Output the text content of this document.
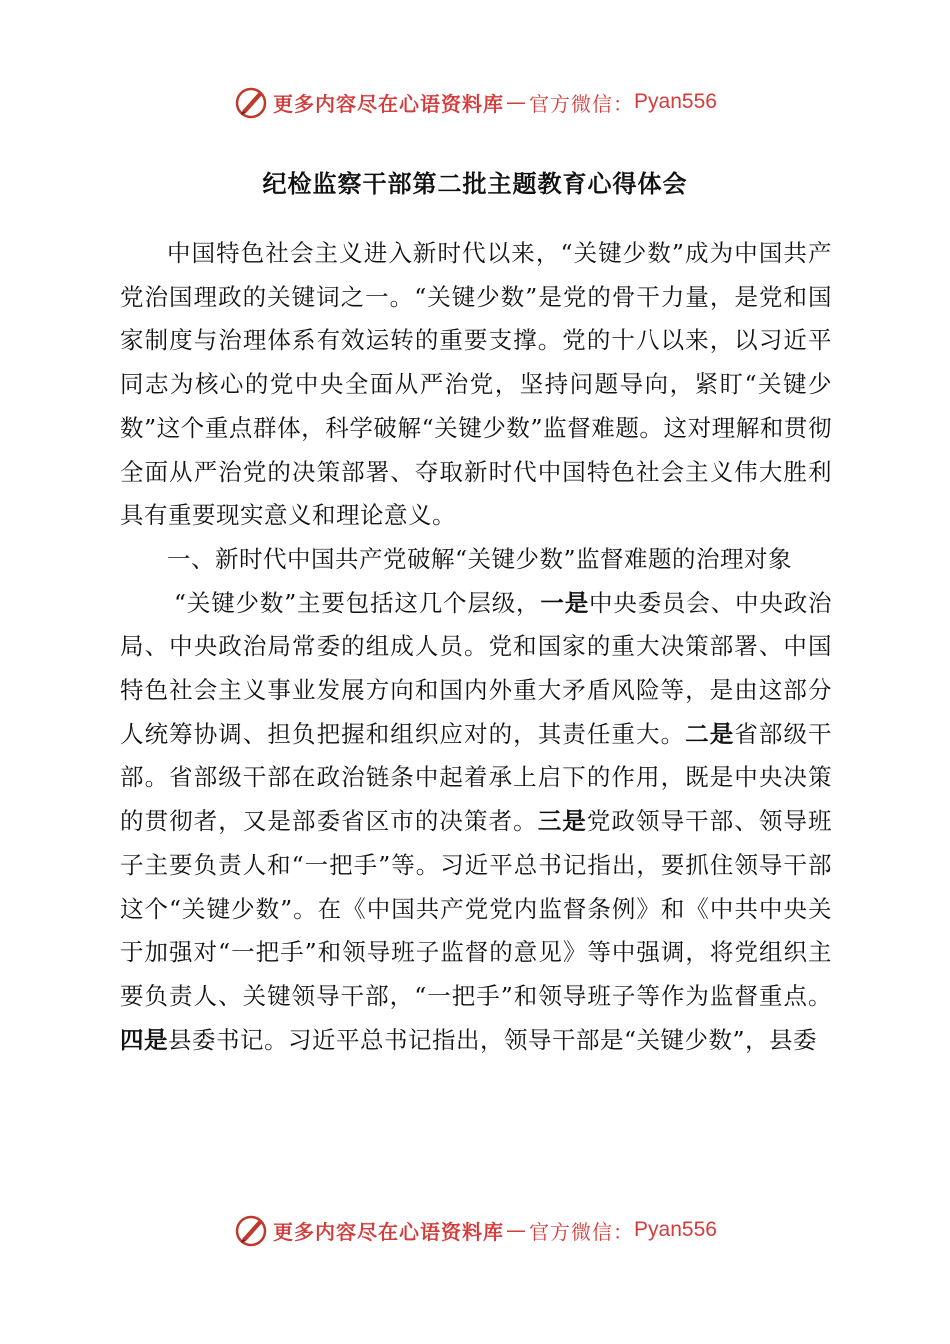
更多内容尽在心语资料库 — 官方微信： Pyan556
纪检监察干部第二批主题教育心得体会

中国特色社会主义进入新时代以来，“关键少数”成为中国共产党治国理政的关键词之一。“关键少数”是党的骨干力量，是党和国家制度与治理体系有效运转的重要支撑。党的十八以来，以习近平同志为核心的党中央全面从严治党，坚持问题导向，紧盯“关键少数”这个重点群体，科学破解“关键少数”监督难题。这对理解和贯彻全面从严治党的决策部署、夺取新时代中国特色社会主义伟大胜利具有重要现实意义和理论意义。

一、新时代中国共产党破解“关键少数”监督难题的治理对象

“关键少数”主要包括这几个层级，一是中央委员会、中央政治局、中央政治局常委的组成人员。党和国家的重大决策部署、中国特色社会主义事业发展方向和国内外重大矛盾风险等，是由这部分人统筹协调、担负把握和组织应对的，其责任重大。二是省部级干部。省部级干部在政治链条中起着承上启下的作用，既是中央决策的贯彻者，又是部委省区市的决策者。三是党政领导干部、领导班子主要负责人和“一把手”等。习近平总书记指出，要抓住领导干部这个“关键少数”。在《中国共产党党内监督条例》和《中共中央关于加强对“一把手”和领导班子监督的意见》等中强调，将党组织主要负责人、关键领导干部，“一把手”和领导班子等作为监督重点。四是县委书记。习近平总书记指出，领导干部是“关键少数”，县委

更多内容尽在心语资料库 — 官方微信： Pyan556
